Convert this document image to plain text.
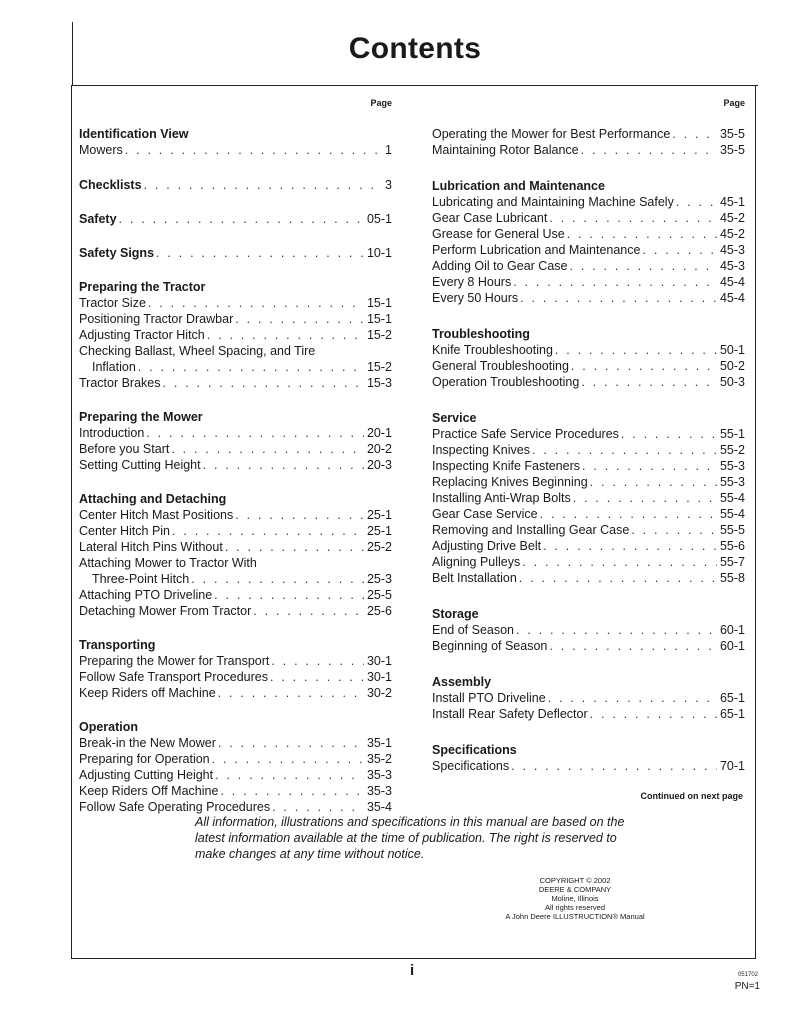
Contents
Page
Identification View
Mowers . . .	1
Checklists . . .	3
Safety . . .	05-1
Safety Signs . . .	10-1
Preparing the Tractor
Tractor Size . . .	15-1
Positioning Tractor Drawbar . . .	15-1
Adjusting Tractor Hitch . . .	15-2
Checking Ballast, Wheel Spacing, and Tire
Inflation . . .	15-2
Tractor Brakes . . .	15-3
Preparing the Mower
Introduction . . .	20-1
Before you Start . . .	20-2
Setting Cutting Height . . .	20-3
Attaching and Detaching
Center Hitch Mast Positions . . .	25-1
Center Hitch Pin . . .	25-1
Lateral Hitch Pins Without . . .	25-2
Attaching Mower to Tractor With
Three-Point Hitch . . .	25-3
Attaching PTO Driveline . . .	25-5
Detaching Mower From Tractor . . .	25-6
Transporting
Preparing the Mower for Transport . . .	30-1
Follow Safe Transport Procedures . . .	30-1
Keep Riders off Machine . . .	30-2
Operation
Break-in the New Mower . . .	35-1
Preparing for Operation . . .	35-2
Adjusting Cutting Height . . .	35-3
Keep Riders Off Machine . . .	35-3
Follow Safe Operating Procedures . . .	35-4
Page
Operating the Mower for Best Performance . . .	35-5
Maintaining Rotor Balance . . .	35-5
Lubrication and Maintenance
Lubricating and Maintaining Machine Safely . . .	45-1
Gear Case Lubricant . . .	45-2
Grease for General Use . . .	45-2
Perform Lubrication and Maintenance . . .	45-3
Adding Oil to Gear Case . . .	45-3
Every 8 Hours . . .	45-4
Every 50 Hours . . .	45-4
Troubleshooting
Knife Troubleshooting . . .	50-1
General Troubleshooting . . .	50-2
Operation Troubleshooting . . .	50-3
Service
Practice Safe Service Procedures . . .	55-1
Inspecting Knives . . .	55-2
Inspecting Knife Fasteners . . .	55-3
Replacing Knives Beginning . . .	55-3
Installing Anti-Wrap Bolts . . .	55-4
Gear Case Service . . .	55-4
Removing and Installing Gear Case . . .	55-5
Adjusting Drive Belt . . .	55-6
Aligning Pulleys . . .	55-7
Belt Installation . . .	55-8
Storage
End of Season . . .	60-1
Beginning of Season . . .	60-1
Assembly
Install PTO Driveline . . .	65-1
Install Rear Safety Deflector . . .	65-1
Specifications
Specifications . . .	70-1
Continued on next page
All information, illustrations and specifications in this manual are based on the latest information available at the time of publication. The right is reserved to make changes at any time without notice.
COPYRIGHT © 2002
DEERE & COMPANY
Moline, Illinois
All rights reserved
A John Deere ILLUSTRUCTION® Manual
i	051702
PN=1
